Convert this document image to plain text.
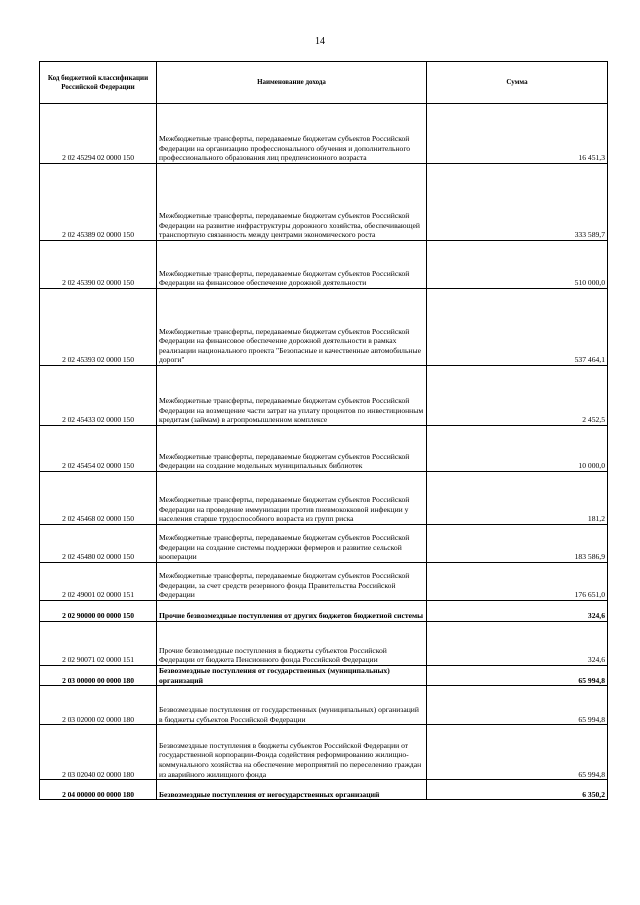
14
Код бюджетной классификации Российской Федерации	Наименование дохода	Сумма
2 02 45294 02 0000 150	Межбюджетные трансферты, передаваемые бюджетам субъектов Российской Федерации на организацию профессионального обучения и дополнительного профессионального образования лиц предпенсионного возраста	16 451,3
2 02 45389 02 0000 150	Межбюджетные трансферты, передаваемые бюджетам субъектов Российской Федерации на развитие инфраструктуры дорожного хозяйства, обеспечивающей транспортную связанность между центрами экономического роста	333 589,7
2 02 45390 02 0000 150	Межбюджетные трансферты, передаваемые бюджетам субъектов Российской Федерации на финансовое обеспечение дорожной деятельности	510 000,0
2 02 45393 02 0000 150	Межбюджетные трансферты, передаваемые бюджетам субъектов Российской Федерации на финансовое обеспечение дорожной деятельности в рамках реализации национального проекта "Безопасные и качественные автомобильные дороги"	537 464,1
2 02 45433 02 0000 150	Межбюджетные трансферты, передаваемые бюджетам субъектов Российской Федерации на возмещение части затрат на уплату процентов по инвестиционным кредитам (займам) в агропромышленном комплексе	2 452,5
2 02 45454 02 0000 150	Межбюджетные трансферты, передаваемые бюджетам субъектов Российской Федерации на создание модельных муниципальных библиотек	10 000,0
2 02 45468 02 0000 150	Межбюджетные трансферты, передаваемые бюджетам субъектов Российской Федерации на проведение иммунизации против пневмококковой инфекции у населения старше трудоспособного возраста из групп риска	181,2
2 02 45480 02 0000 150	Межбюджетные трансферты, передаваемые бюджетам субъектов Российской Федерации на создание системы поддержки фермеров и развитие сельской кооперации	183 586,9
2 02 49001 02 0000 151	Межбюджетные трансферты, передаваемые бюджетам субъектов Российской Федерации, за счет средств резервного фонда Правительства Российской Федерации	176 651,0
2 02 90000 00 0000 150	Прочие безвозмездные поступления от других бюджетов бюджетной системы	324,6
2 02 90071 02 0000 151	Прочие безвозмездные поступления в бюджеты субъектов Российской Федерации от бюджета Пенсионного фонда Российской Федерации	324,6
2 03 00000 00 0000 180	Безвозмездные поступления от государственных (муниципальных) организаций	65 994,8
2 03 02000 02 0000 180	Безвозмездные поступления от государственных (муниципальных) организаций в бюджеты субъектов Российской Федерации	65 994,8
2 03 02040 02 0000 180	Безвозмездные поступления в бюджеты субъектов Российской Федерации от государственной корпорации-Фонда содействия реформированию жилищно-коммунального хозяйства на обеспечение мероприятий по переселению граждан из аварийного жилищного фонда	65 994,8
2 04 00000 00 0000 180	Безвозмездные поступления от негосударственных организаций	6 350,2
